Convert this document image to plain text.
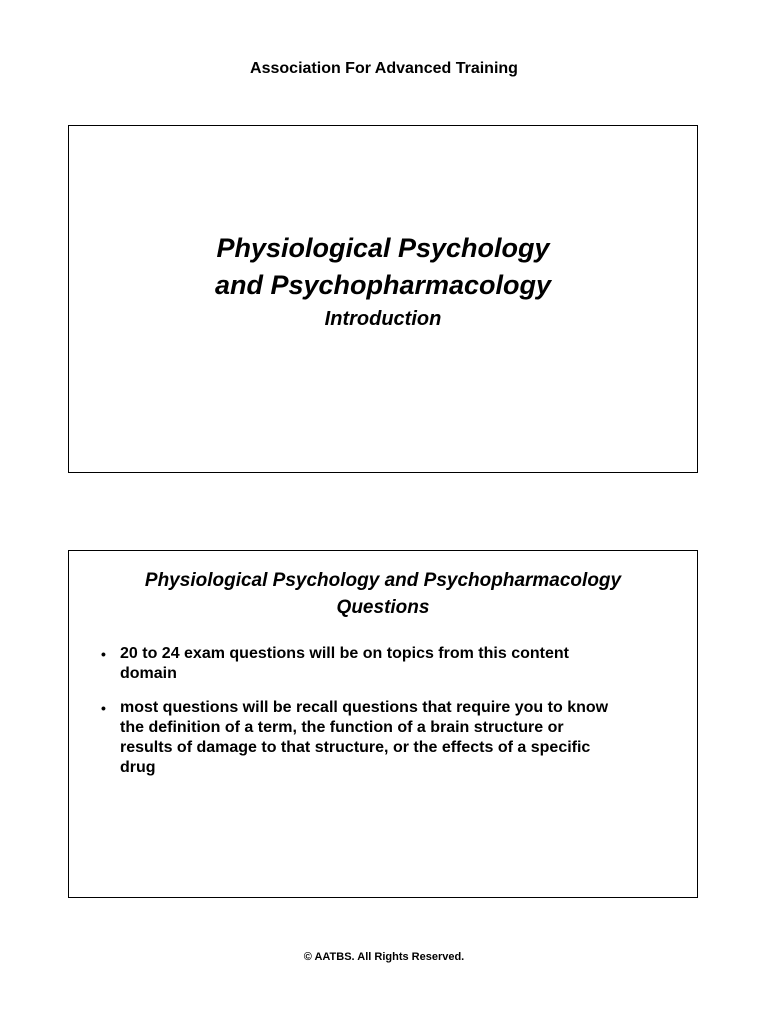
Association For Advanced Training
Physiological Psychology
and Psychopharmacology
Introduction
Physiological Psychology and Psychopharmacology
Questions
• 20 to 24 exam questions will be on topics from this content
domain
• most questions will be recall questions that require you to know
the definition of a term, the function of a brain structure or
results of damage to that structure, or the effects of a specific
drug
© AATBS. All Rights Reserved.
